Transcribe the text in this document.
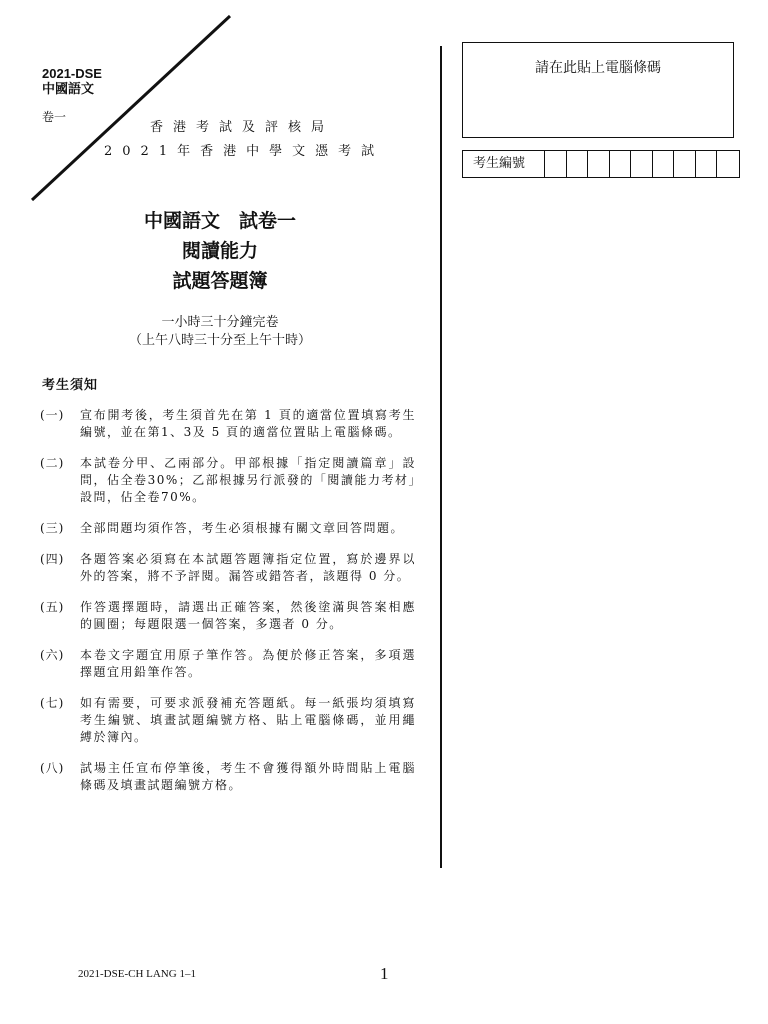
2021-DSE
中國語文
卷一
香港考試及評核局
2021年香港中學文憑考試
中國語文　試卷一
閱讀能力
試題答題簿
一小時三十分鐘完卷
（上午八時三十分至上午十時）
考生須知
(一)	宣布開考後，考生須首先在第 1 頁的適當位置填寫考生編號，並在第1、3及 5 頁的適當位置貼上電腦條碼。
(二)	本試卷分甲、乙兩部分。甲部根據「指定閱讀篇章」設問，佔全卷30%；乙部根據另行派發的「閱讀能力考材」設問，佔全卷70%。
(三)	全部問題均須作答，考生必須根據有關文章回答問題。
(四)	各題答案必須寫在本試題答題簿指定位置，寫於邊界以外的答案，將不予評閱。漏答或錯答者，該題得 0 分。
(五)	作答選擇題時，請選出正確答案，然後塗滿與答案相應的圓圈；每題限選一個答案，多選者 0 分。
(六)	本卷文字題宜用原子筆作答。為便於修正答案，多項選擇題宜用鉛筆作答。
(七)	如有需要，可要求派發補充答題紙。每一紙張均須填寫考生編號、填畫試題編號方格、貼上電腦條碼，並用繩縛於簿內。
(八)	試場主任宣布停筆後，考生不會獲得額外時間貼上電腦條碼及填畫試題編號方格。
請在此貼上電腦條碼
考生編號
2021-DSE-CH LANG 1–1	1
